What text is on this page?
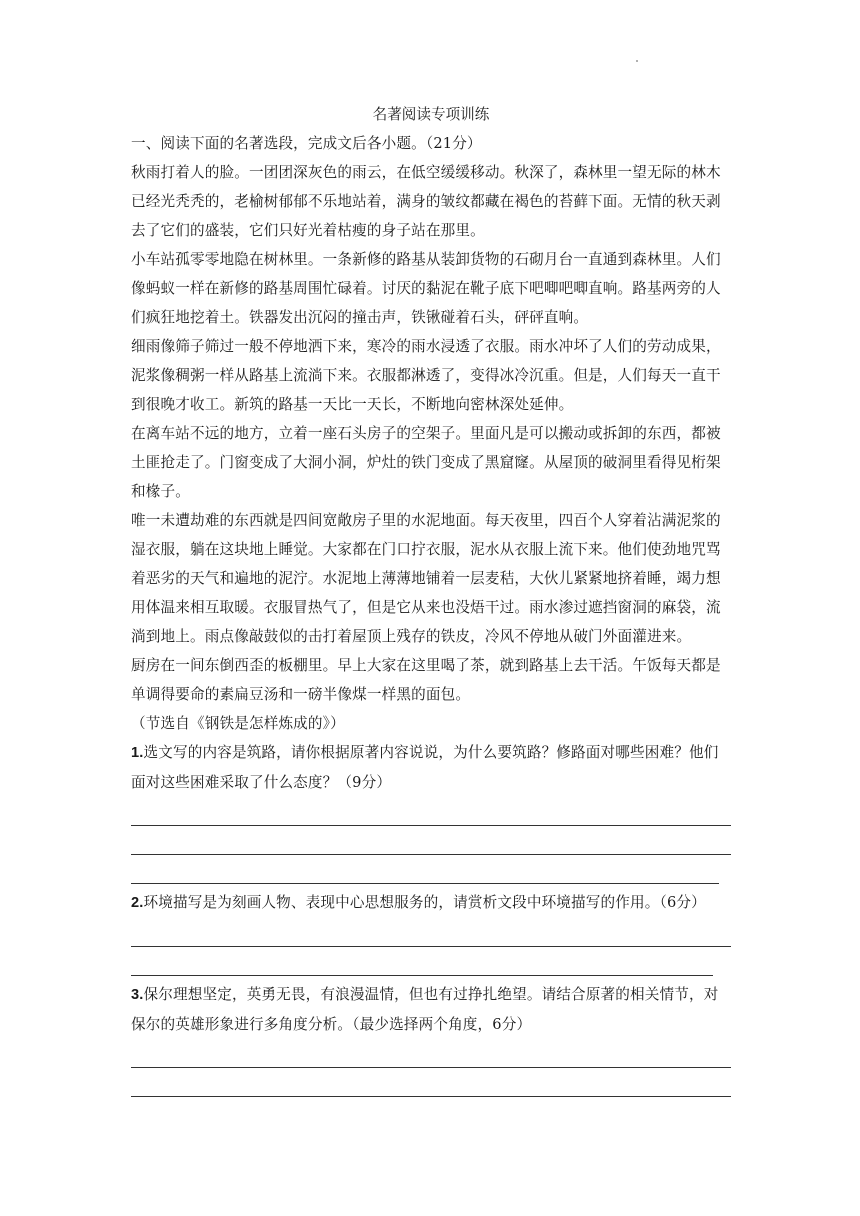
名著阅读专项训练

一、阅读下面的名著选段，完成文后各小题。（21分）

秋雨打着人的脸。一团团深灰色的雨云，在低空缓缓移动。秋深了，森林里一望无际的林木

已经光秃秃的，老榆树郁郁不乐地站着，满身的皱纹都藏在褐色的苔藓下面。无情的秋天剥

去了它们的盛装，它们只好光着枯瘦的身子站在那里。

小车站孤零零地隐在树林里。一条新修的路基从装卸货物的石砌月台一直通到森林里。人们

像蚂蚁一样在新修的路基周围忙碌着。讨厌的黏泥在靴子底下吧唧吧唧直响。路基两旁的人

们疯狂地挖着土。铁器发出沉闷的撞击声，铁锹碰着石头，砰砰直响。

细雨像筛子筛过一般不停地洒下来，寒冷的雨水浸透了衣服。雨水冲坏了人们的劳动成果，

泥浆像稠粥一样从路基上流淌下来。衣服都淋透了，变得冰冷沉重。但是，人们每天一直干

到很晚才收工。新筑的路基一天比一天长，不断地向密林深处延伸。

在离车站不远的地方，立着一座石头房子的空架子。里面凡是可以搬动或拆卸的东西，都被

土匪抢走了。门窗变成了大洞小洞，炉灶的铁门变成了黑窟窿。从屋顶的破洞里看得见桁架

和椽子。

唯一未遭劫难的东西就是四间宽敞房子里的水泥地面。每天夜里，四百个人穿着沾满泥浆的

湿衣服，躺在这块地上睡觉。大家都在门口拧衣服，泥水从衣服上流下来。他们使劲地咒骂

着恶劣的天气和遍地的泥泞。水泥地上薄薄地铺着一层麦秸，大伙儿紧紧地挤着睡，竭力想

用体温来相互取暖。衣服冒热气了，但是它从来也没焐干过。雨水渗过遮挡窗洞的麻袋，流

淌到地上。雨点像敲鼓似的击打着屋顶上残存的铁皮，冷风不停地从破门外面灌进来。

厨房在一间东倒西歪的板棚里。早上大家在这里喝了茶，就到路基上去干活。午饭每天都是

单调得要命的素扁豆汤和一磅半像煤一样黑的面包。

（节选自《钢铁是怎样炼成的》）

1.选文写的内容是筑路，请你根据原著内容说说，为什么要筑路？修路面对哪些困难？他们

面对这些困难采取了什么态度？（9分）

2.环境描写是为刻画人物、表现中心思想服务的，请赏析文段中环境描写的作用。（6分）

3.保尔理想坚定，英勇无畏，有浪漫温情，但也有过挣扎绝望。请结合原著的相关情节，对

保尔的英雄形象进行多角度分析。（最少选择两个角度，6分）
